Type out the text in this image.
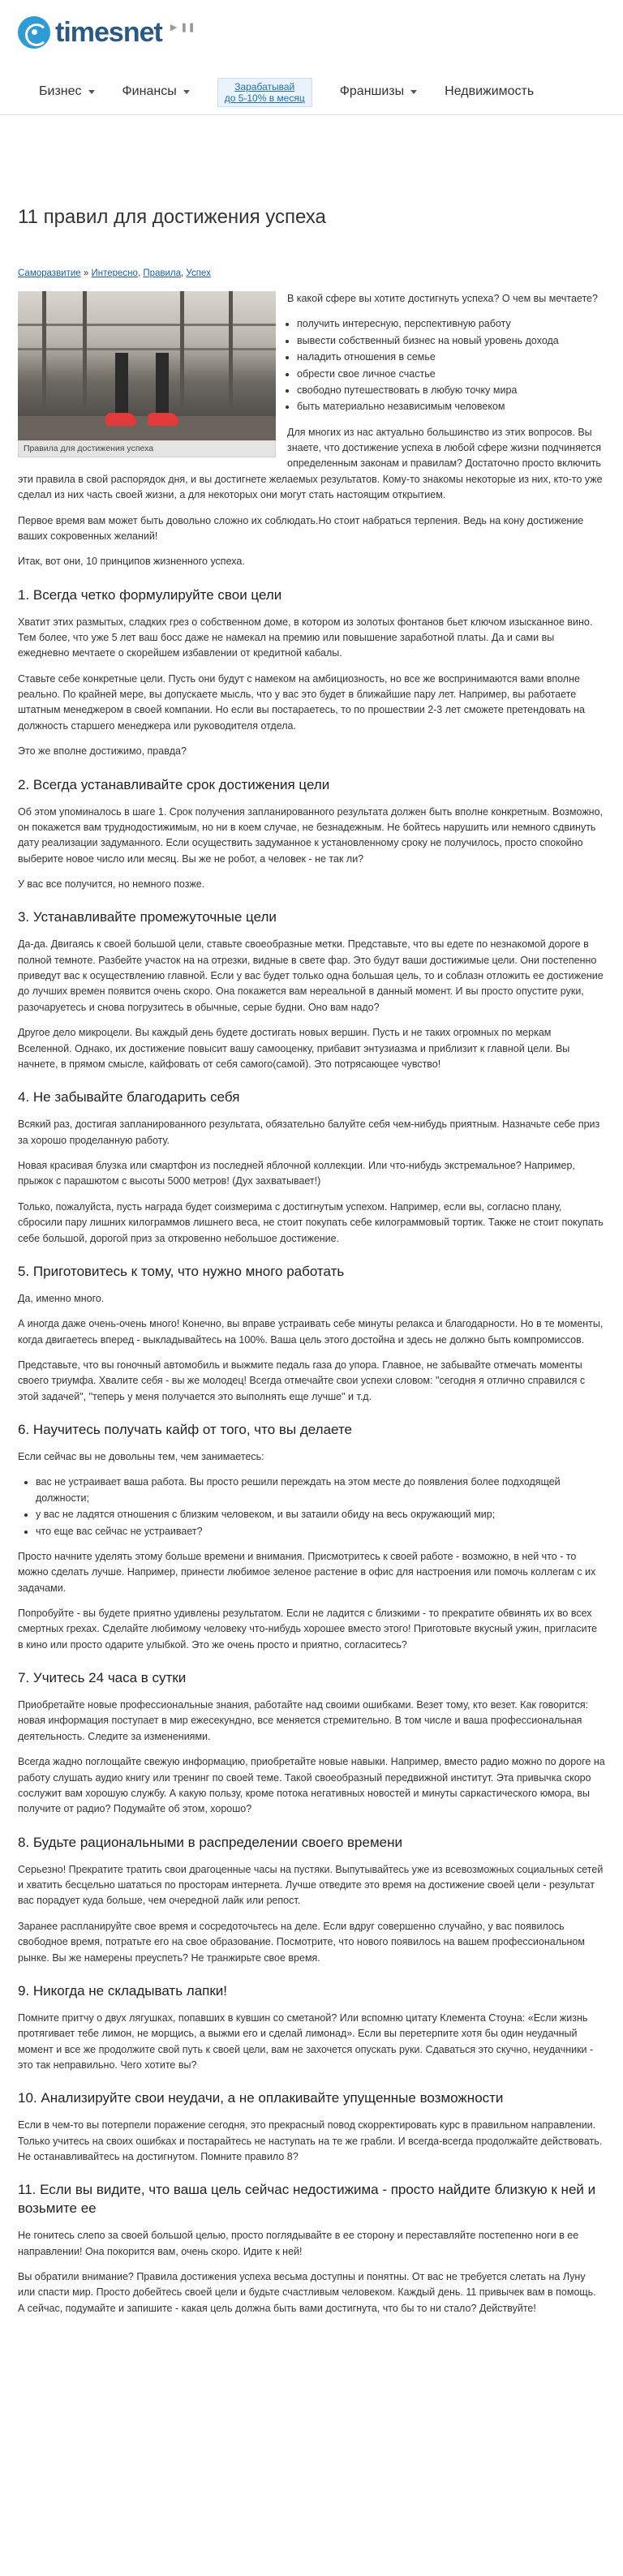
timesnet ▶ ❚❚
Бизнес	Финансы	Зарабатывай
до 5-10% в месяц	Франшизы	Недвижимость
11 правил для достижения успеха
Саморазвитие » Интересно, Правила, Успех
Правила для достижения успеха

В какой сфере вы хотите достигнуть успеха? О чем вы мечтаете?

• получить интересную, перспективную работу
• вывести собственный бизнес на новый уровень дохода
• наладить отношения в семье
• обрести свое личное счастье
• свободно путешествовать в любую точку мира
• быть материально независимым человеком

Для многих из нас актуально большинство из этих вопросов. Вы знаете, что достижение успеха в любой сфере жизни подчиняется определенным законам и правилам? Достаточно просто включить эти правила в свой распорядок дня, и вы достигнете желаемых результатов. Кому-то знакомы некоторые из них, кто-то уже сделал из них часть своей жизни, а для некоторых они могут стать настоящим открытием.

Первое время вам может быть довольно сложно их соблюдать.Но стоит набраться терпения. Ведь на кону достижение ваших сокровенных желаний!

Итак, вот они, 10 принципов жизненного успеха.

1. Всегда четко формулируйте свои цели

Хватит этих размытых, сладких грез о собственном доме, в котором из золотых фонтанов бьет ключом изысканное вино. Тем более, что уже 5 лет ваш босс даже не намекал на премию или повышение заработной платы. Да и сами вы ежедневно мечтаете о скорейшем избавлении от кредитной кабалы.

Ставьте себе конкретные цели. Пусть они будут с намеком на амбициозность, но все же воспринимаются вами вполне реально. По крайней мере, вы допускаете мысль, что у вас это будет в ближайшие пару лет. Например, вы работаете штатным менеджером в своей компании. Но если вы постараетесь, то по прошествии 2-3 лет сможете претендовать на должность старшего менеджера или руководителя отдела.

Это же вполне достижимо, правда?

2. Всегда устанавливайте срок достижения цели

Об этом упоминалось в шаге 1. Срок получения запланированного результата должен быть вполне конкретным. Возможно, он покажется вам труднодостижимым, но ни в коем случае, не безнадежным. Не бойтесь нарушить или немного сдвинуть дату реализации задуманного. Если осуществить задуманное к установленному сроку не получилось, просто спокойно выберите новое число или месяц. Вы же не робот, а человек - не так ли?

У вас все получится, но немного позже.

3. Устанавливайте промежуточные цели

Да-да. Двигаясь к своей большой цели, ставьте своеобразные метки. Представьте, что вы едете по незнакомой дороге в полной темноте. Разбейте участок на на отрезки, видные в свете фар. Это будут ваши достижимые цели. Они постепенно приведут вас к осуществлению главной. Если у вас будет только одна большая цель, то и соблазн отложить ее достижение до лучших времен появится очень скоро. Она покажется вам нереальной в данный момент. И вы просто опустите руки, разочаруетесь и снова погрузитесь в обычные, серые будни. Оно вам надо?

Другое дело микроцели. Вы каждый день будете достигать новых вершин. Пусть и не таких огромных по меркам Вселенной. Однако, их достижение повысит вашу самооценку, прибавит энтузиазма и приблизит к главной цели. Вы начнете, в прямом смысле, кайфовать от себя самого(самой). Это потрясающее чувство!

4. Не забывайте благодарить себя

Всякий раз, достигая запланированного результата, обязательно балуйте себя чем-нибудь приятным. Назначьте себе приз за хорошо проделанную работу.

Новая красивая блузка или смартфон из последней яблочной коллекции. Или что-нибудь экстремальное? Например, прыжок с парашютом с высоты 5000 метров! (Дух захватывает!)

Только, пожалуйста, пусть награда будет соизмерима с достигнутым успехом. Например, если вы, согласно плану, сбросили пару лишних килограммов лишнего веса, не стоит покупать себе килограммовый тортик. Также не стоит покупать себе большой, дорогой приз за откровенно небольшое достижение.

5. Приготовитесь к тому, что нужно много работать

Да, именно много.

А иногда даже очень-очень много! Конечно, вы вправе устраивать себе минуты релакса и благодарности. Но в те моменты, когда двигаетесь вперед - выкладывайтесь на 100%. Ваша цель этого достойна и здесь не должно быть компромиссов.

Представьте, что вы гоночный автомобиль и выжмите педаль газа до упора. Главное, не забывайте отмечать моменты своего триумфа. Хвалите себя - вы же молодец! Всегда отмечайте свои успехи словом: "сегодня я отлично справился с этой задачей", "теперь у меня получается это выполнять еще лучше" и т.д.

6. Научитесь получать кайф от того, что вы делаете

Если сейчас вы не довольны тем, чем занимаетесь:

• вас не устраивает ваша работа. Вы просто решили переждать на этом месте до появления более подходящей должности;
• у вас не ладятся отношения с близким человеком, и вы затаили обиду на весь окружающий мир;
• что еще вас сейчас не устраивает?

Просто начните уделять этому больше времени и внимания. Присмотритесь к своей работе - возможно, в ней что - то можно сделать лучше. Например, принести любимое зеленое растение в офис для настроения или помочь коллегам с их задачами.

Попробуйте - вы будете приятно удивлены результатом. Если не ладится с близкими - то прекратите обвинять их во всех смертных грехах. Сделайте любимому человеку что-нибудь хорошее вместо этого! Приготовьте вкусный ужин, пригласите в кино или просто одарите улыбкой. Это же очень просто и приятно, согласитесь?

7. Учитесь 24 часа в сутки

Приобретайте новые профессиональные знания, работайте над своими ошибками. Везет тому, кто везет. Как говорится: новая информация поступает в мир ежесекундно, все меняется стремительно. В том числе и ваша профессиональная деятельность. Следите за изменениями.

Всегда жадно поглощайте свежую информацию, приобретайте новые навыки. Например, вместо радио можно по дороге на работу слушать аудио книгу или тренинг по своей теме. Такой своеобразный передвижной институт. Эта привычка скоро сослужит вам хорошую службу. А какую пользу, кроме потока негативных новостей и минуты саркастического юмора, вы получите от радио? Подумайте об этом, хорошо?

8. Будьте рациональными в распределении своего времени

Серьезно! Прекратите тратить свои драгоценные часы на пустяки. Выпутывайтесь уже из всевозможных социальных сетей и хватить бесцельно шататься по просторам интернета. Лучше отведите это время на достижение своей цели - результат вас порадует куда больше, чем очередной лайк или репост.

Заранее распланируйте свое время и сосредоточьтесь на деле. Если вдруг совершенно случайно, у вас появилось свободное время, потратьте его на свое образование. Посмотрите, что нового появилось на вашем профессиональном рынке. Вы же намерены преуспеть? Не транжирьте свое время.

9. Никогда не складывать лапки!

Помните притчу о двух лягушках, попавших в кувшин со сметаной? Или вспомню цитату Клемента Стоуна: «Если жизнь протягивает тебе лимон, не морщись, а выжми его и сделай лимонад». Если вы перетерпите хотя бы один неудачный момент и все же продолжите свой путь к своей цели, вам не захочется опускать руки. Сдаваться это скучно, неудачники - это так неправильно. Чего хотите вы?

10. Анализируйте свои неудачи, а не оплакивайте упущенные возможности

Если в чем-то вы потерпели поражение сегодня, это прекрасный повод скорректировать курс в правильном направлении. Только учитесь на своих ошибках и постарайтесь не наступать на те же грабли. И всегда-всегда продолжайте действовать. Не останавливайтесь на достигнутом. Помните правило 8?

11. Если вы видите, что ваша цель сейчас недостижима - просто найдите близкую к ней и возьмите ее

Не гонитесь слепо за своей большой целью, просто поглядывайте в ее сторону и переставляйте постепенно ноги в ее направлении! Она покорится вам, очень скоро. Идите к ней!

Вы обратили внимание? Правила достижения успеха весьма доступны и понятны. От вас не требуется слетать на Луну или спасти мир. Просто добейтесь своей цели и будьте счастливым человеком. Каждый день. 11 привычек вам в помощь. А сейчас, подумайте и запишите - какая цель должна быть вами достигнута, что бы то ни стало? Действуйте!
